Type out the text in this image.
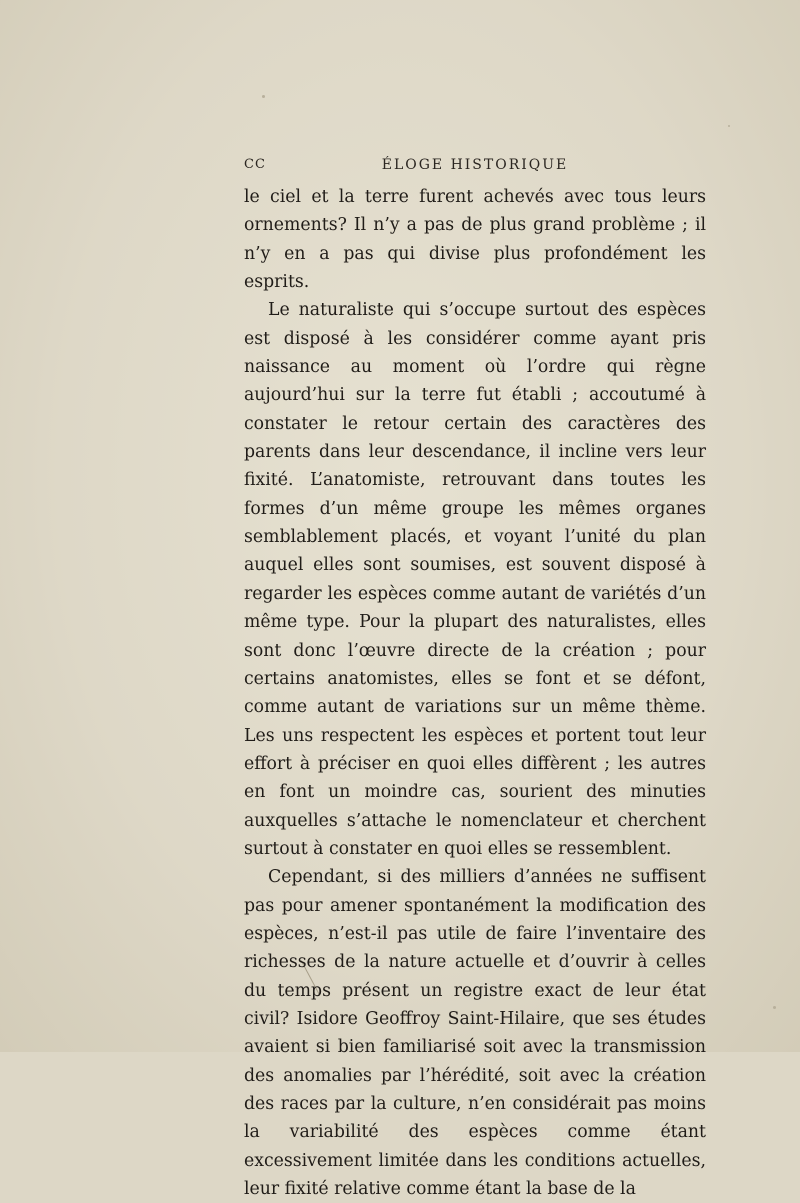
CC	ÉLOGE HISTORIQUE

le ciel et la terre furent achevés avec tous leurs ornements? Il n’y a pas de plus grand problème ; il n’y en a pas qui divise plus profondément les esprits.

Le naturaliste qui s’occupe surtout des espèces est disposé à les considérer comme ayant pris naissance au moment où l’ordre qui règne aujourd’hui sur la terre fut établi ; accoutumé à constater le retour certain des caractères des parents dans leur descendance, il incline vers leur fixité. L’anatomiste, retrouvant dans toutes les formes d’un même groupe les mêmes organes semblablement placés, et voyant l’unité du plan auquel elles sont soumises, est souvent disposé à regarder les espèces comme autant de variétés d’un même type. Pour la plupart des naturalistes, elles sont donc l’œuvre directe de la création ; pour certains anatomistes, elles se font et se défont, comme autant de variations sur un même thème. Les uns respectent les espèces et portent tout leur effort à préciser en quoi elles diffèrent ; les autres en font un moindre cas, sourient des minuties auxquelles s’attache le nomenclateur et cherchent surtout à constater en quoi elles se ressemblent.

Cependant, si des milliers d’années ne suffisent pas pour amener spontanément la modification des espèces, n’est-il pas utile de faire l’inventaire des richesses de la nature actuelle et d’ouvrir à celles du temps présent un registre exact de leur état civil? Isidore Geoffroy Saint-Hilaire, que ses études avaient si bien familiarisé soit avec la transmission des anomalies par l’hérédité, soit avec la création des races par la culture, n’en considérait pas moins la variabilité des espèces comme étant excessivement limitée dans les conditions actuelles, leur fixité relative comme étant la base de la
